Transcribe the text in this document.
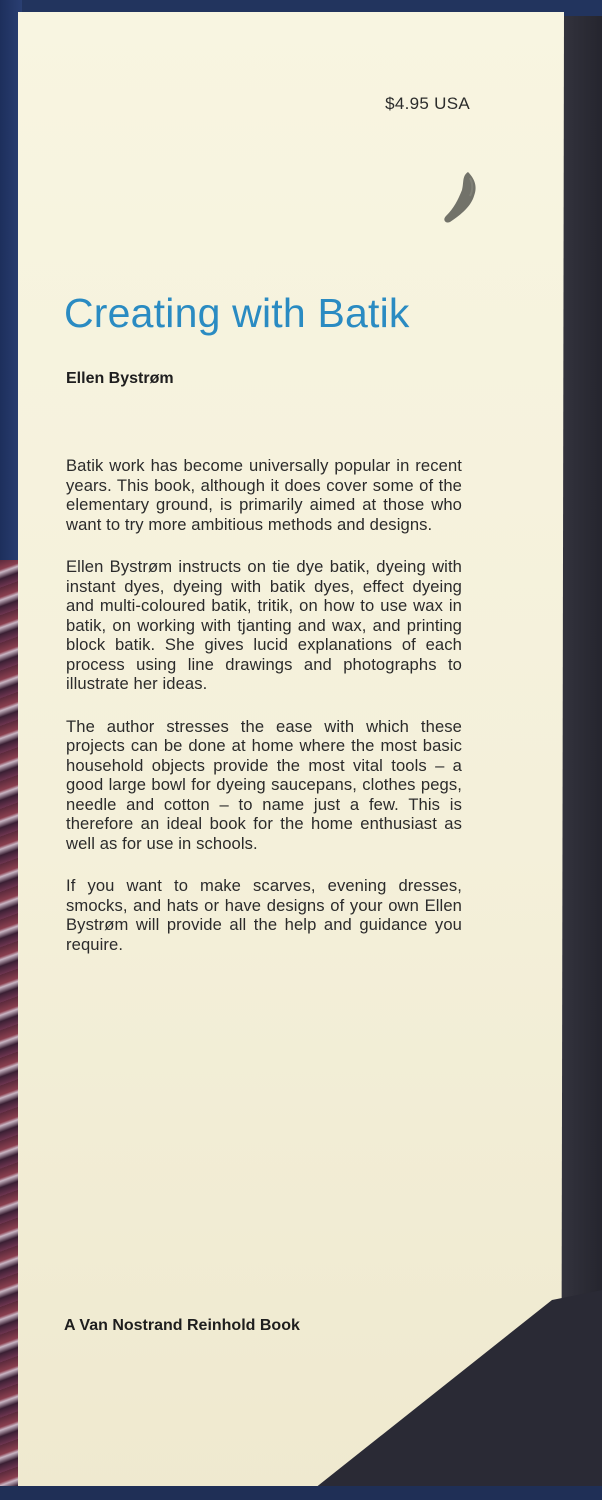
$4.95 USA
Creating with Batik

Ellen Bystrøm

Batik work has become universally popular in recent years. This book, although it does cover some of the elementary ground, is primarily aimed at those who want to try more ambitious methods and designs.

Ellen Bystrøm instructs on tie dye batik, dyeing with instant dyes, dyeing with batik dyes, effect dyeing and multi-coloured batik, tritik, on how to use wax in batik, on working with tjanting and wax, and printing block batik. She gives lucid explanations of each process using line drawings and photographs to illustrate her ideas.

The author stresses the ease with which these projects can be done at home where the most basic household objects provide the most vital tools – a good large bowl for dyeing saucepans, clothes pegs, needle and cotton – to name just a few. This is therefore an ideal book for the home enthusiast as well as for use in schools.

If you want to make scarves, evening dresses, smocks, and hats or have designs of your own Ellen Bystrøm will provide all the help and guidance you require.

A Van Nostrand Reinhold Book
